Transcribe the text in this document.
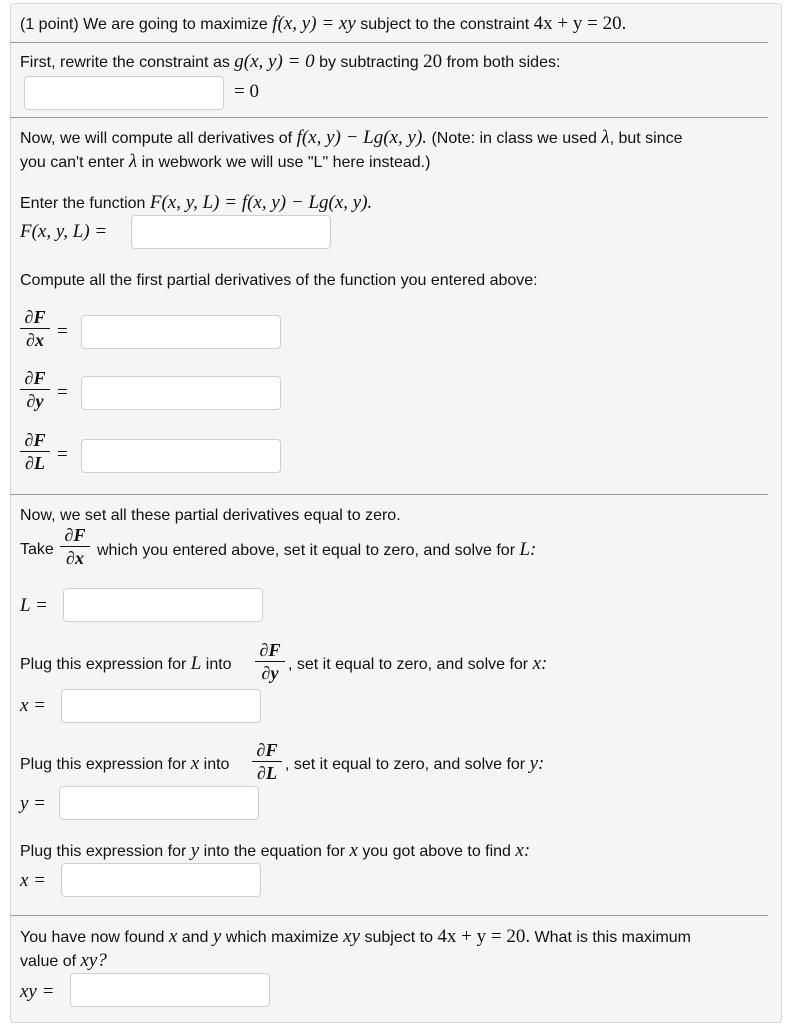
(1 point) We are going to maximize f(x, y) = xy subject to the constraint 4x + y = 20.
First, rewrite the constraint as g(x, y) = 0 by subtracting 20 from both sides:
= 0
Now, we will compute all derivatives of f(x, y) − Lg(x, y). (Note: in class we used λ, but since
you can't enter λ in webwork we will use "L" here instead.)
Enter the function F(x, y, L) = f(x, y) − Lg(x, y).
F(x, y, L) =
Compute all the first partial derivatives of the function you entered above:
∂F
∂x =
∂F
∂y =
∂F
∂L =
Now, we set all these partial derivatives equal to zero.
Take
∂F
∂x which you entered above, set it equal to zero, and solve for L:
L =
Plug this expression for L into
∂F
∂y , set it equal to zero, and solve for x:
x =
Plug this expression for x into
∂F
∂L , set it equal to zero, and solve for y:
y =
Plug this expression for y into the equation for x you got above to find x:
x =
You have now found x and y which maximize xy subject to 4x + y = 20. What is this maximum
value of xy?
xy =
